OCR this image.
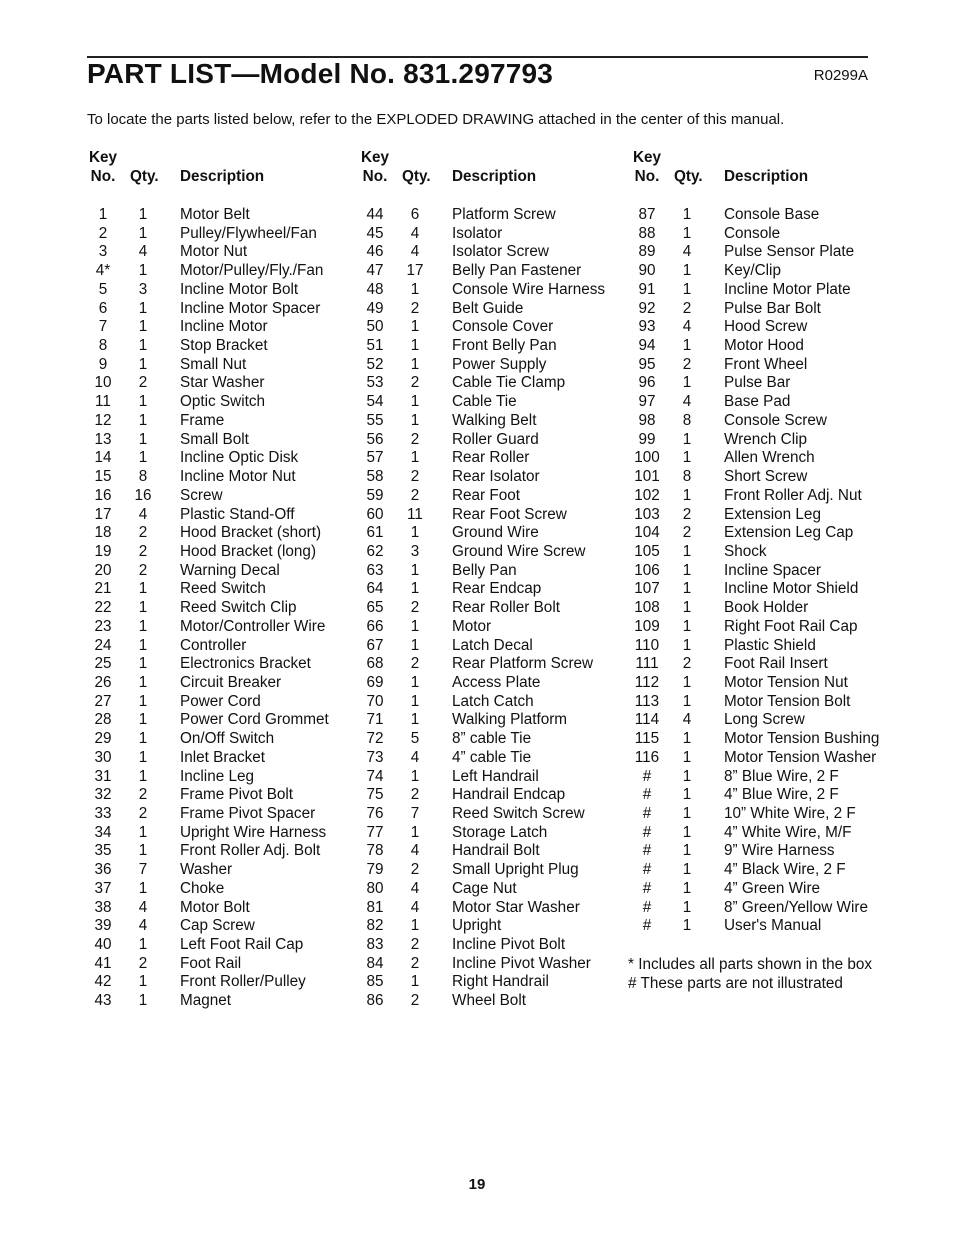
PART LIST—Model No. 831.297793	R0299A
To locate the parts listed below, refer to the EXPLODED DRAWING attached in the center of this manual.
Key
No. Qty.	Description
1	1	Motor Belt
2	1	Pulley/Flywheel/Fan
3	4	Motor Nut
4*	1	Motor/Pulley/Fly./Fan
5	3	Incline Motor Bolt
6	1	Incline Motor Spacer
7	1	Incline Motor
8	1	Stop Bracket
9	1	Small Nut
10	2	Star Washer
11	1	Optic Switch
12	1	Frame
13	1	Small Bolt
14	1	Incline Optic Disk
15	8	Incline Motor Nut
16	16	Screw
17	4	Plastic Stand-Off
18	2	Hood Bracket (short)
19	2	Hood Bracket (long)
20	2	Warning Decal
21	1	Reed Switch
22	1	Reed Switch Clip
23	1	Motor/Controller Wire
24	1	Controller
25	1	Electronics Bracket
26	1	Circuit Breaker
27	1	Power Cord
28	1	Power Cord Grommet
29	1	On/Off Switch
30	1	Inlet Bracket
31	1	Incline Leg
32	2	Frame Pivot Bolt
33	2	Frame Pivot Spacer
34	1	Upright Wire Harness
35	1	Front Roller Adj. Bolt
36	7	Washer
37	1	Choke
38	4	Motor Bolt
39	4	Cap Screw
40	1	Left Foot Rail Cap
41	2	Foot Rail
42	1	Front Roller/Pulley
43	1	Magnet
Key
No. Qty.	Description
44	6	Platform Screw
45	4	Isolator
46	4	Isolator Screw
47	17	Belly Pan Fastener
48	1	Console Wire Harness
49	2	Belt Guide
50	1	Console Cover
51	1	Front Belly Pan
52	1	Power Supply
53	2	Cable Tie Clamp
54	1	Cable Tie
55	1	Walking Belt
56	2	Roller Guard
57	1	Rear Roller
58	2	Rear Isolator
59	2	Rear Foot
60	11	Rear Foot Screw
61	1	Ground Wire
62	3	Ground Wire Screw
63	1	Belly Pan
64	1	Rear Endcap
65	2	Rear Roller Bolt
66	1	Motor
67	1	Latch Decal
68	2	Rear Platform Screw
69	1	Access Plate
70	1	Latch Catch
71	1	Walking Platform
72	5	8” cable Tie
73	4	4” cable Tie
74	1	Left Handrail
75	2	Handrail Endcap
76	7	Reed Switch Screw
77	1	Storage Latch
78	4	Handrail Bolt
79	2	Small Upright Plug
80	4	Cage Nut
81	4	Motor Star Washer
82	1	Upright
83	2	Incline Pivot Bolt
84	2	Incline Pivot Washer
85	1	Right Handrail
86	2	Wheel Bolt
Key
No. Qty.	Description
87	1	Console Base
88	1	Console
89	4	Pulse Sensor Plate
90	1	Key/Clip
91	1	Incline Motor Plate
92	2	Pulse Bar Bolt
93	4	Hood Screw
94	1	Motor Hood
95	2	Front Wheel
96	1	Pulse Bar
97	4	Base Pad
98	8	Console Screw
99	1	Wrench Clip
100	1	Allen Wrench
101	8	Short Screw
102	1	Front Roller Adj. Nut
103	2	Extension Leg
104	2	Extension Leg Cap
105	1	Shock
106	1	Incline Spacer
107	1	Incline Motor Shield
108	1	Book Holder
109	1	Right Foot Rail Cap
110	1	Plastic Shield
111	2	Foot Rail Insert
112	1	Motor Tension Nut
113	1	Motor Tension Bolt
114	4	Long Screw
115	1	Motor Tension Bushing
116	1	Motor Tension Washer
#	1	8” Blue Wire, 2 F
#	1	4” Blue Wire, 2 F
#	1	10” White Wire, 2 F
#	1	4” White Wire, M/F
#	1	9” Wire Harness
#	1	4” Black Wire, 2 F
#	1	4” Green Wire
#	1	8” Green/Yellow Wire
#	1	User's Manual
* Includes all parts shown in the box
# These parts are not illustrated
19
